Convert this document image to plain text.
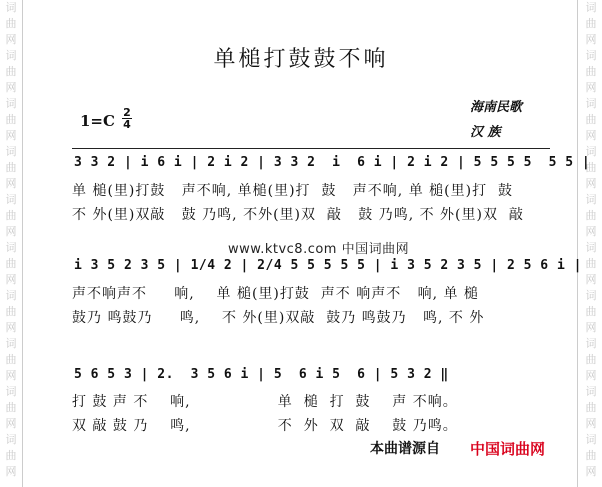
词
曲
网
词
曲
网
词
曲
网
词
曲
网
词
曲
网
词
曲
网
词
曲
网
词
曲
网
词
曲
网
词
曲
网
词
曲
网
词
曲
网
词
曲
网
词
曲
网
词
曲
网
词
曲
网
词
曲
网
词
曲
网
词
曲
网
词
曲
网
单槌打鼓鼓不响
海南民歌
汉 族
1=C 2
4
3 3 2 | i 6 i | 2 i 2 | 3 3 2  i  6 i | 2 i 2 | 5 5 5 5  5 5 |
单 槌(里)打鼓   声不响, 单槌(里)打  鼓   声不响, 单 槌(里)打  鼓
不 外(里)双敲   鼓 乃鸣, 不外(里)双  敲   鼓 乃鸣, 不 外(里)双  敲
www.ktvc8.com 中国词曲网
i 3 5 2 3 5 | 1/4 2 | 2/4 5 5 5 5 5 | i 3 5 2 3 5 | 2 5 6 i |
声不响声不     响,    单 槌(里)打鼓  声不 响声不   响, 单 槌
鼓乃 鸣鼓乃     鸣,    不 外(里)双敲  鼓乃 鸣鼓乃   鸣, 不 外
5 6 5 3 | 2.  3 5 6 i | 5  6 i 5  6 | 5 3 2 ‖
打 鼓 声 不    响,                单  槌  打  鼓    声 不响。
双 敲 鼓 乃    鸣,                不  外  双  敲    鼓 乃鸣。
本曲谱源自 中国词曲网
